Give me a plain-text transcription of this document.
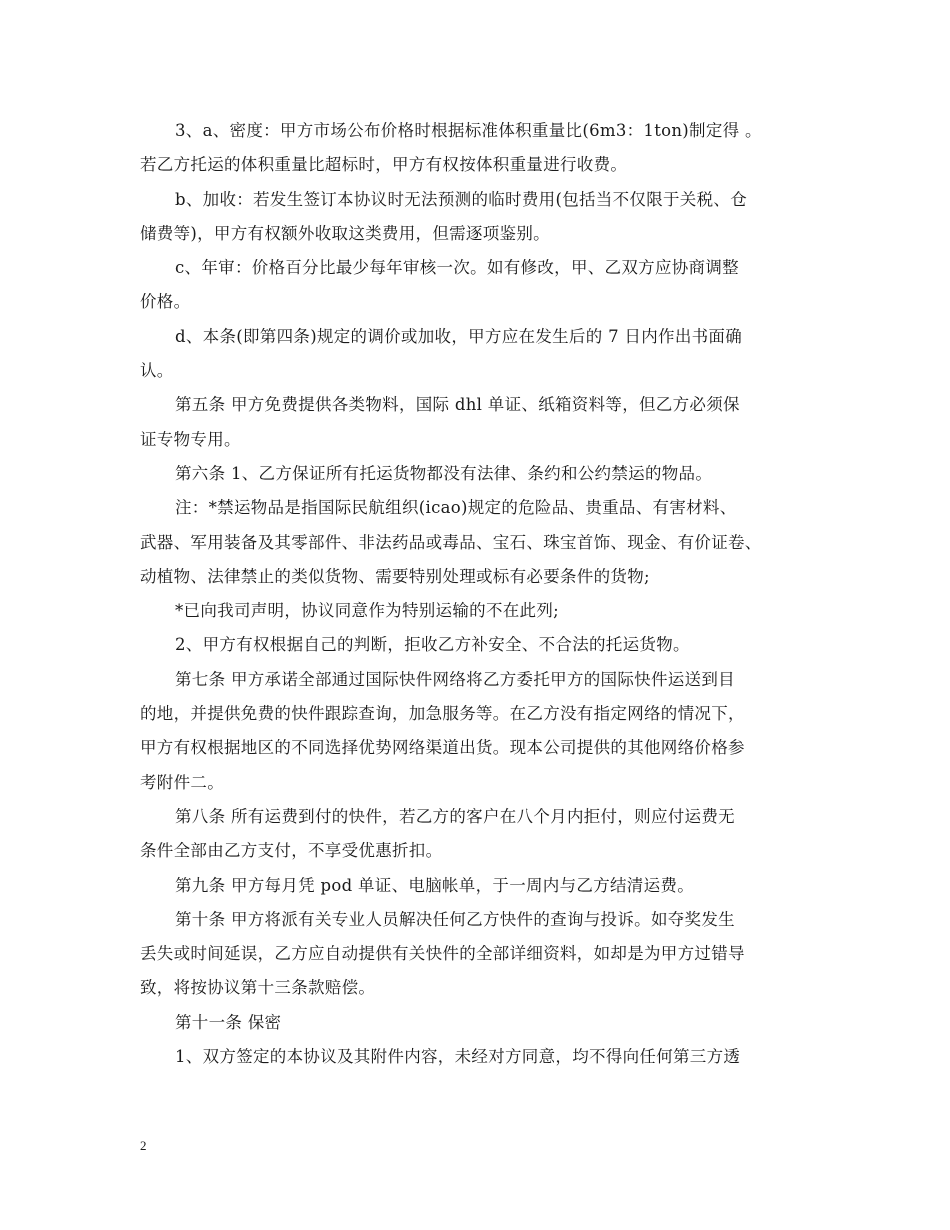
3、a、密度：甲方市场公布价格时根据标准体积重量比(6m3：1ton)制定得 。
若乙方托运的体积重量比超标时，甲方有权按体积重量进行收费。
b、加收：若发生签订本协议时无法预测的临时费用(包括当不仅限于关税、仓
储费等)，甲方有权额外收取这类费用，但需逐项鉴别。
c、年审：价格百分比最少每年审核一次。如有修改，甲、乙双方应协商调整
价格。
d、本条(即第四条)规定的调价或加收，甲方应在发生后的 7 日内作出书面确
认。
第五条 甲方免费提供各类物料，国际 dhl 单证、纸箱资料等，但乙方必须保
证专物专用。
第六条 1、乙方保证所有托运货物都没有法律、条约和公约禁运的物品。
注：*禁运物品是指国际民航组织(icao)规定的危险品、贵重品、有害材料、
武器、军用装备及其零部件、非法药品或毒品、宝石、珠宝首饰、现金、有价证卷、
动植物、法律禁止的类似货物、需要特别处理或标有必要条件的货物;
*已向我司声明，协议同意作为特别运输的不在此列;
2、甲方有权根据自己的判断，拒收乙方补安全、不合法的托运货物。
第七条 甲方承诺全部通过国际快件网络将乙方委托甲方的国际快件运送到目
的地，并提供免费的快件跟踪查询，加急服务等。在乙方没有指定网络的情况下，
甲方有权根据地区的不同选择优势网络渠道出货。现本公司提供的其他网络价格参
考附件二。
第八条 所有运费到付的快件，若乙方的客户在八个月内拒付，则应付运费无
条件全部由乙方支付，不享受优惠折扣。
第九条 甲方每月凭 pod 单证、电脑帐单，于一周内与乙方结清运费。
第十条 甲方将派有关专业人员解决任何乙方快件的查询与投诉。如夺奖发生
丢失或时间延误，乙方应自动提供有关快件的全部详细资料，如却是为甲方过错导
致，将按协议第十三条款赔偿。
第十一条 保密
1、双方签定的本协议及其附件内容，未经对方同意，均不得向任何第三方透
2
